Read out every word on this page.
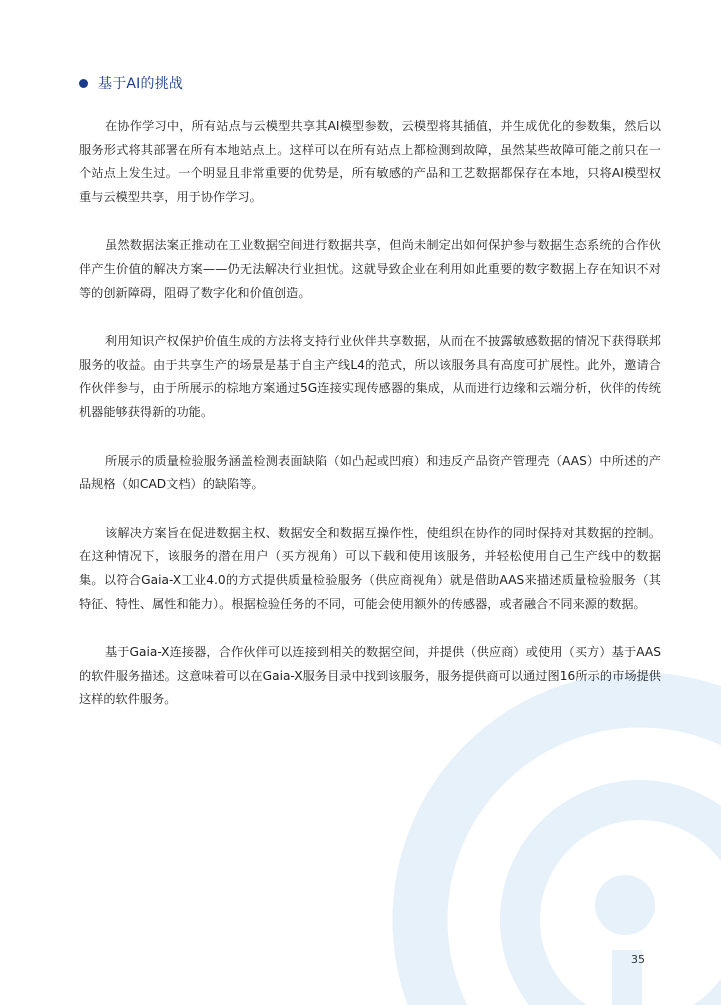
基于AI的挑战

在协作学习中，所有站点与云模型共享其AI模型参数，云模型将其插值，并生成优化的参数集，然后以服务形式将其部署在所有本地站点上。这样可以在所有站点上都检测到故障，虽然某些故障可能之前只在一个站点上发生过。一个明显且非常重要的优势是，所有敏感的产品和工艺数据都保存在本地，只将AI模型权重与云模型共享，用于协作学习。

虽然数据法案正推动在工业数据空间进行数据共享，但尚未制定出如何保护参与数据生态系统的合作伙伴产生价值的解决方案——仍无法解决行业担忧。这就导致企业在利用如此重要的数字数据上存在知识不对等的创新障碍，阻碍了数字化和价值创造。

利用知识产权保护价值生成的方法将支持行业伙伴共享数据，从而在不披露敏感数据的情况下获得联邦服务的收益。由于共享生产的场景是基于自主产线L4的范式，所以该服务具有高度可扩展性。此外，邀请合作伙伴参与，由于所展示的棕地方案通过5G连接实现传感器的集成，从而进行边缘和云端分析，伙伴的传统机器能够获得新的功能。

所展示的质量检验服务涵盖检测表面缺陷（如凸起或凹痕）和违反产品资产管理壳（AAS）中所述的产品规格（如CAD文档）的缺陷等。

该解决方案旨在促进数据主权、数据安全和数据互操作性，使组织在协作的同时保持对其数据的控制。在这种情况下，该服务的潜在用户（买方视角）可以下载和使用该服务，并轻松使用自己生产线中的数据集。以符合Gaia-X工业4.0的方式提供质量检验服务（供应商视角）就是借助AAS来描述质量检验服务（其特征、特性、属性和能力）。根据检验任务的不同，可能会使用额外的传感器，或者融合不同来源的数据。

基于Gaia-X连接器，合作伙伴可以连接到相关的数据空间，并提供（供应商）或使用（买方）基于AAS的软件服务描述。这意味着可以在Gaia-X服务目录中找到该服务，服务提供商可以通过图16所示的市场提供这样的软件服务。

35
